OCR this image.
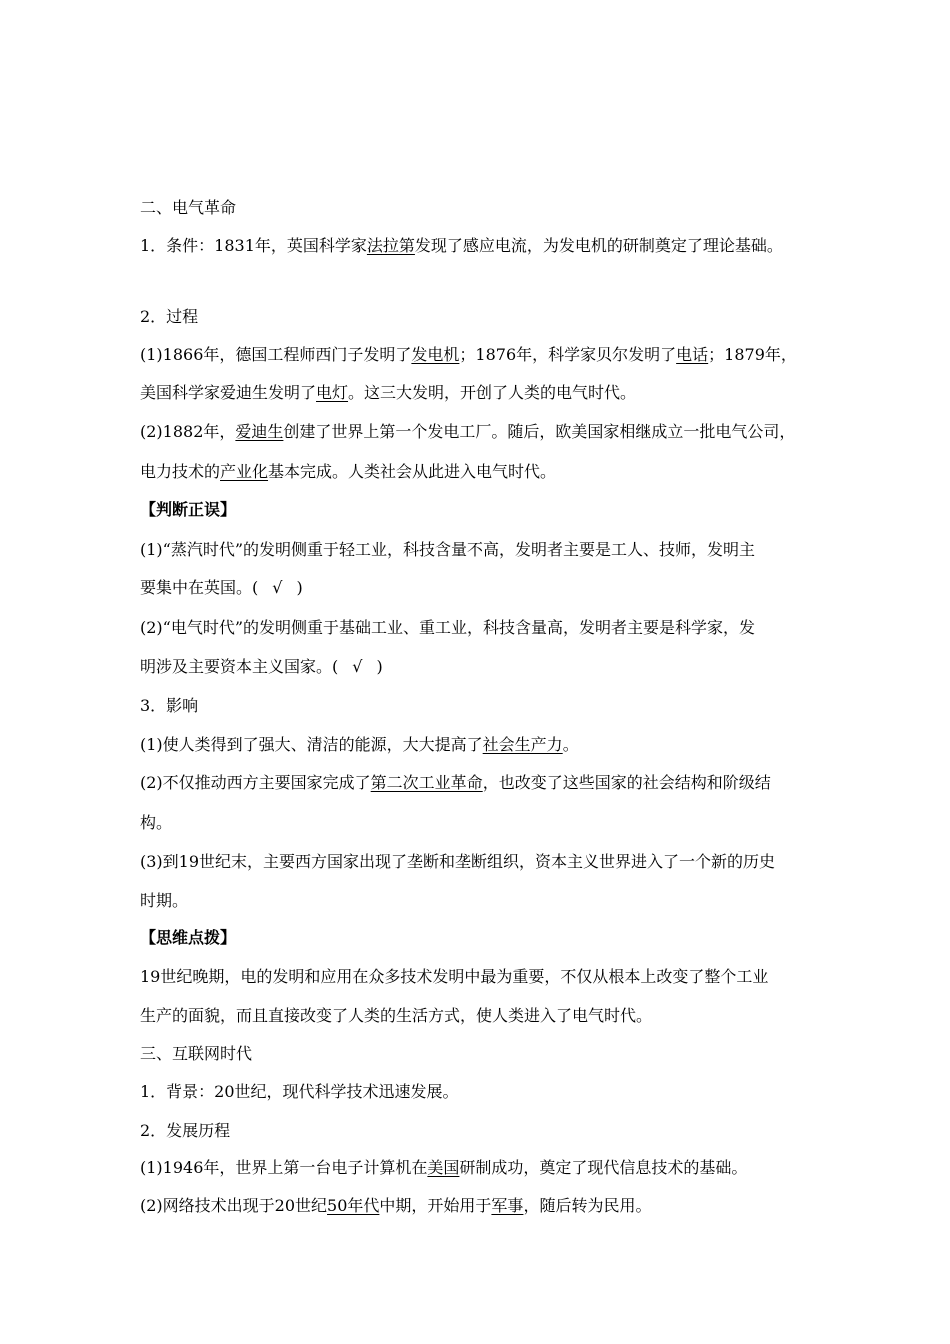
二、电气革命
1．条件：1831年，英国科学家法拉第发现了感应电流，为发电机的研制奠定了理论基础。
2．过程
(1)1866年，德国工程师西门子发明了发电机；1876年，科学家贝尔发明了电话；1879年，
美国科学家爱迪生发明了电灯。这三大发明，开创了人类的电气时代。
(2)1882年，爱迪生创建了世界上第一个发电工厂。随后，欧美国家相继成立一批电气公司，
电力技术的产业化基本完成。人类社会从此进入电气时代。
【判断正误】
(1)“蒸汽时代”的发明侧重于轻工业，科技含量不高，发明者主要是工人、技师，发明主
要集中在英国。( √ )
(2)“电气时代”的发明侧重于基础工业、重工业，科技含量高，发明者主要是科学家，发
明涉及主要资本主义国家。( √ )
3．影响
(1)使人类得到了强大、清洁的能源，大大提高了社会生产力。
(2)不仅推动西方主要国家完成了第二次工业革命，也改变了这些国家的社会结构和阶级结
构。
(3)到19世纪末，主要西方国家出现了垄断和垄断组织，资本主义世界进入了一个新的历史
时期。
【思维点拨】
19世纪晚期，电的发明和应用在众多技术发明中最为重要，不仅从根本上改变了整个工业
生产的面貌，而且直接改变了人类的生活方式，使人类进入了电气时代。
三、互联网时代
1．背景：20世纪，现代科学技术迅速发展。
2．发展历程
(1)1946年，世界上第一台电子计算机在美国研制成功，奠定了现代信息技术的基础。
(2)网络技术出现于20世纪50年代中期，开始用于军事，随后转为民用。
